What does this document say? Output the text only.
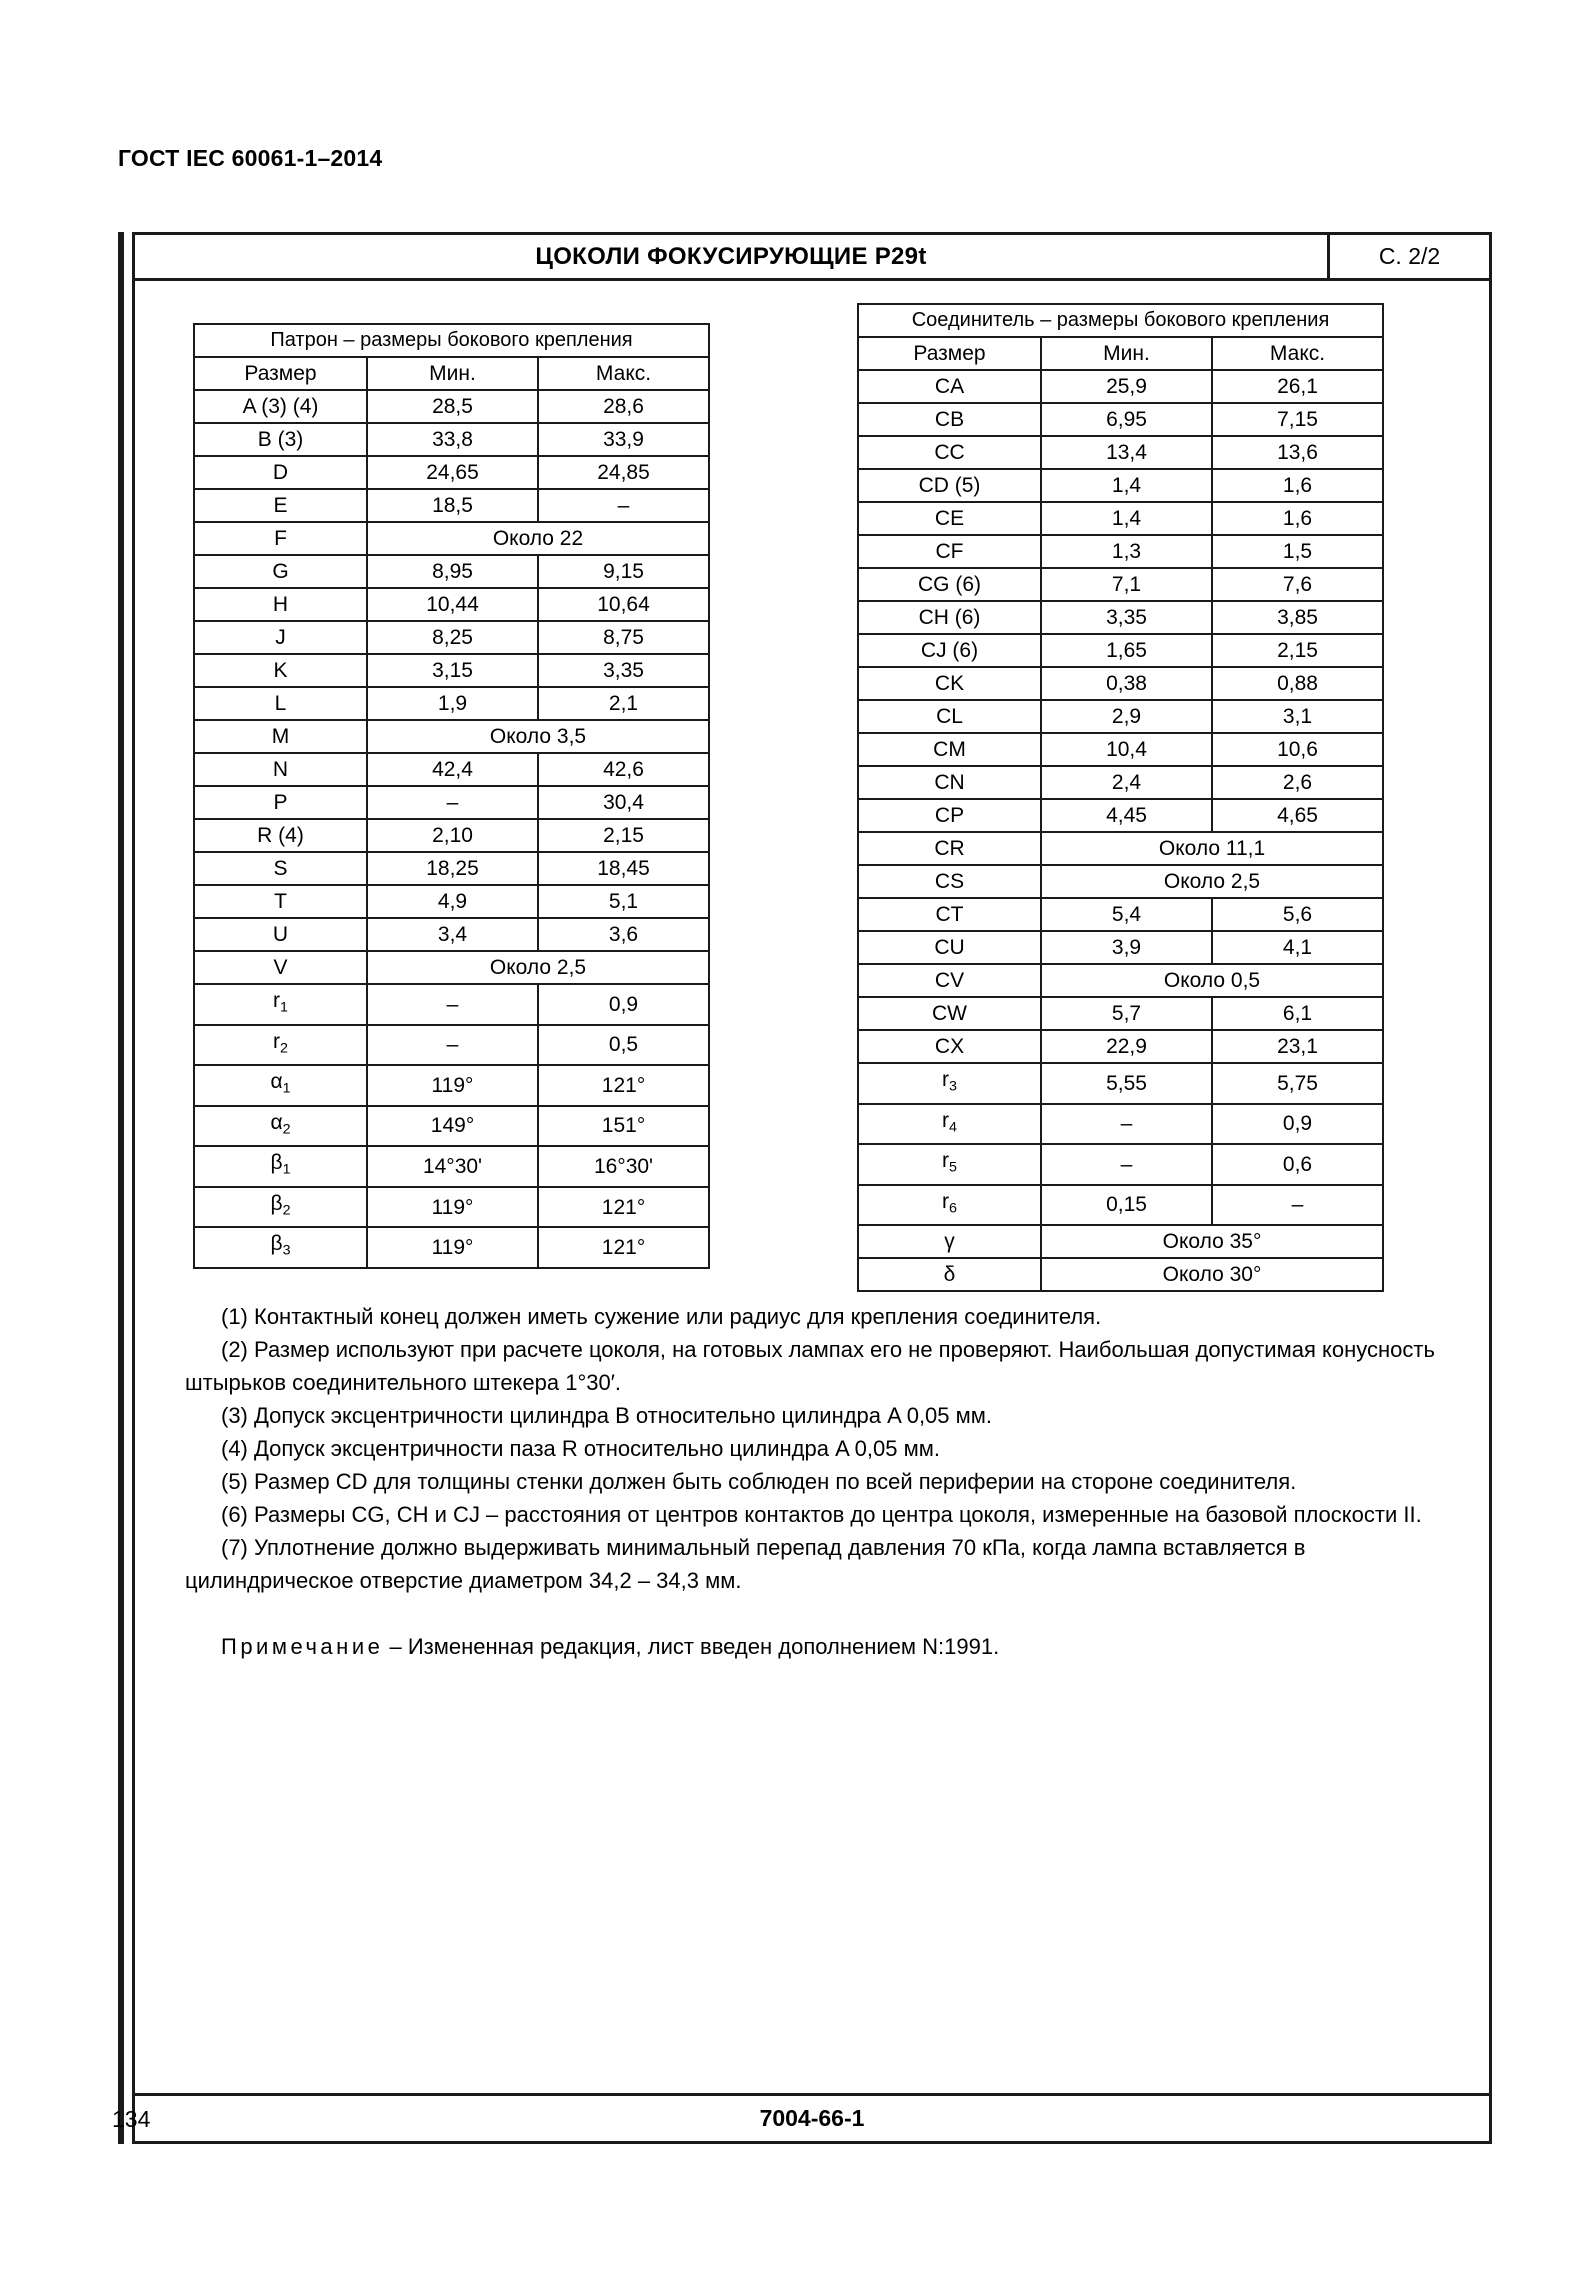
ГОСТ IEC 60061-1–2014
ЦОКОЛИ ФОКУСИРУЮЩИЕ P29t	С. 2/2
Патрон – размеры бокового крепления		
Размер	Мин.	Макс.
A (3) (4)	28,5	28,6
B (3)	33,8	33,9
D	24,65	24,85
E	18,5	–
F	Около 22	
G	8,95	9,15
H	10,44	10,64
J	8,25	8,75
K	3,15	3,35
L	1,9	2,1
M	Около 3,5	
N	42,4	42,6
P	–	30,4
R (4)	2,10	2,15
S	18,25	18,45
T	4,9	5,1
U	3,4	3,6
V	Около 2,5	
$r_1$	–	0,9
$r_2$	–	0,5
$\alpha_1$	119°	121°
$\alpha_2$	149°	151°
$\beta_1$	14°30'	16°30'
$\beta_2$	119°	121°
$\beta_3$	119°	121°
Соединитель – размеры бокового крепления		
Размер	Мин.	Макс.
CA	25,9	26,1
CB	6,95	7,15
CC	13,4	13,6
CD (5)	1,4	1,6
CE	1,4	1,6
CF	1,3	1,5
CG (6)	7,1	7,6
CH (6)	3,35	3,85
CJ (6)	1,65	2,15
CK	0,38	0,88
CL	2,9	3,1
CM	10,4	10,6
CN	2,4	2,6
CP	4,45	4,65
CR	Около 11,1	
CS	Около 2,5	
CT	5,4	5,6
CU	3,9	4,1
CV	Около 0,5	
CW	5,7	6,1
CX	22,9	23,1
$r_3$	5,55	5,75
$r_4$	–	0,9
$r_5$	–	0,6
$r_6$	0,15	–
γ	Около 35°	
δ	Около 30°	

(1) Контактный конец должен иметь сужение или радиус для крепления соединителя.

(2) Размер используют при расчете цоколя, на готовых лампах его не проверяют. Наибольшая допустимая конусность штырьков соединительного штекера 1°30′.

(3) Допуск эксцентричности цилиндра B относительно цилиндра A 0,05 мм.

(4) Допуск эксцентричности паза R относительно цилиндра A 0,05 мм.

(5) Размер CD для толщины стенки должен быть соблюден по всей периферии на стороне соединителя.

(6) Размеры CG, CH и CJ – расстояния от центров контактов до центра цоколя, измеренные на базовой плоскости II.

(7) Уплотнение должно выдерживать минимальный перепад давления 70 кПа, когда лампа вставляется в цилиндрическое отверстие диаметром 34,2 – 34,3 мм.

Примечание – Измененная редакция, лист введен дополнением N:1991.
7004-66-1
134
